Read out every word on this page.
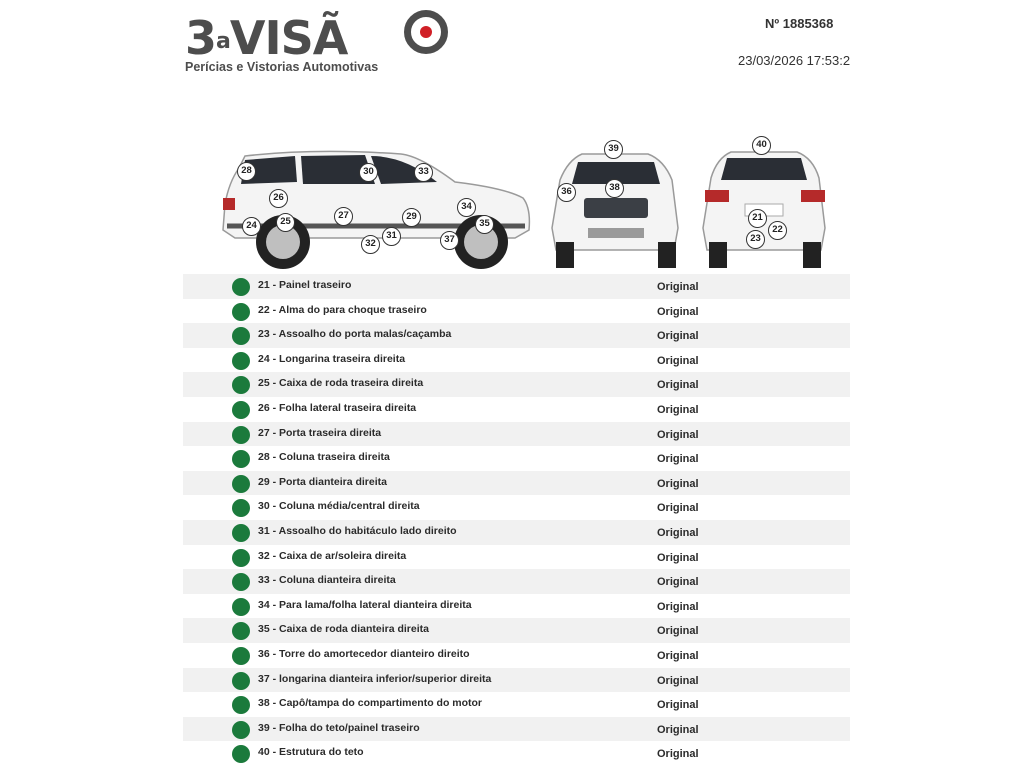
3$^a$VISÃ
Perícias e Vistorias Automotivas
Nº 1885368
23/03/2026 17:53:2
28
26
30	33
24	25
27	29
34
35
32
31	37
39
36	38
40
21
22
23
21 - Painel traseiro	Original
22 - Alma do para choque traseiro	Original
23 - Assoalho do porta malas/caçamba	Original
24 - Longarina traseira direita	Original
25 - Caixa de roda traseira direita	Original
26 - Folha lateral traseira direita	Original
27 - Porta traseira direita	Original
28 - Coluna traseira direita	Original
29 - Porta dianteira direita	Original
30 - Coluna média/central direita	Original
31 - Assoalho do habitáculo lado direito	Original
32 - Caixa de ar/soleira direita	Original
33 - Coluna dianteira direita	Original
34 - Para lama/folha lateral dianteira direita	Original
35 - Caixa de roda dianteira direita	Original
36 - Torre do amortecedor dianteiro direito	Original
37 - longarina dianteira inferior/superior direita	Original
38 - Capô/tampa do compartimento do motor	Original
39 - Folha do teto/painel traseiro	Original
40 - Estrutura do teto	Original
